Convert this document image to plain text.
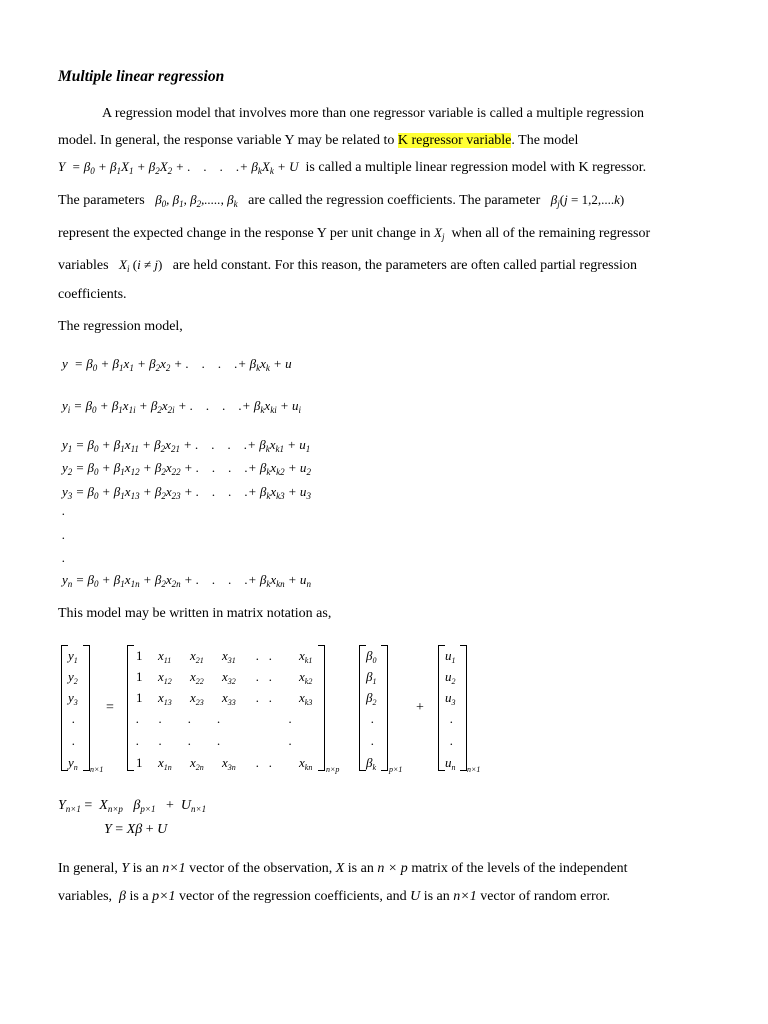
Multiple linear regression

A regression model that involves more than one regressor variable is called a multiple regression

model. In general, the response variable Y may be related to K regressor variable. The model

$Y = \beta_0 + \beta_1X_1 + \beta_2X_2$ + .    .    .    .+ $\beta_kX_k + U$ is called a multiple linear regression model with K regressor.

The parameters $\beta_0$, $\beta_1$, $\beta_2$,....., $\beta_k$ are called the regression coefficients. The parameter $\beta_j(j = 1,2,....k)$

represent the expected change in the response Y per unit change in $X_j$ when all of the remaining regressor

variables $X_i$ (i ≠ j) are held constant. For this reason, the parameters are often called partial regression

coefficients.

The regression model,
$y = \beta_0 + \beta_1x_1 + \beta_2x_2$ + .    .    .    .+ $\beta_kx_k + u$
$y_i = \beta_0 + \beta_1x_{1i} + \beta_2x_{2i}$ + .    .    .    .+ $\beta_kx_{ki} + u_i$
$y_1 = \beta_0 + \beta_1x_{11} + \beta_2x_{21}$ + .    .    .    .+ $\beta_kx_{k1} + u_1$
$y_2 = \beta_0 + \beta_1x_{12} + \beta_2x_{22}$ + .    .    .    .+ $\beta_kx_{k2} + u_2$
$y_3 = \beta_0 + \beta_1x_{13} + \beta_2x_{23}$ + .    .    .    .+ $\beta_kx_{k3} + u_3$
.
.
.
$y_n = \beta_0 + \beta_1x_{1n} + \beta_2x_{2n}$ + .    .    .    .+ $\beta_kx_{kn} + u_n$
This model may be written in matrix notation as,
$y_1$
$y_2$
$y_3$
.
.
$y_n$ n×1
=
1 $x_{11}$ $x_{21}$ $x_{31}$ .   . $x_{k1}$
1 $x_{12}$ $x_{22}$ $x_{32}$ .   . $x_{k2}$
1 $x_{13}$ $x_{23}$ $x_{33}$ .   . $x_{k3}$
.      .        .        .                     .
.      .        .        .                     .
1 $x_{1n}$ $x_{2n}$ $x_{3n}$ .   . $x_{kn}$ n×p
$\beta_0$
$\beta_1$
$\beta_2$
.
.
$\beta_k$ p×1
+
$u_1$
$u_2$
$u_3$
.
.
$u_n$ n×1
$Y_{n\times 1} = X_{n\times p}$   $\beta_{p\times 1} + U_{n\times 1}$
Y = Xβ + U
In general, Y is an n×1 vector of the observation, X is an n × p matrix of the levels of the independent
variables, β is a p×1 vector of the regression coefficients, and U is an n×1 vector of random error.
